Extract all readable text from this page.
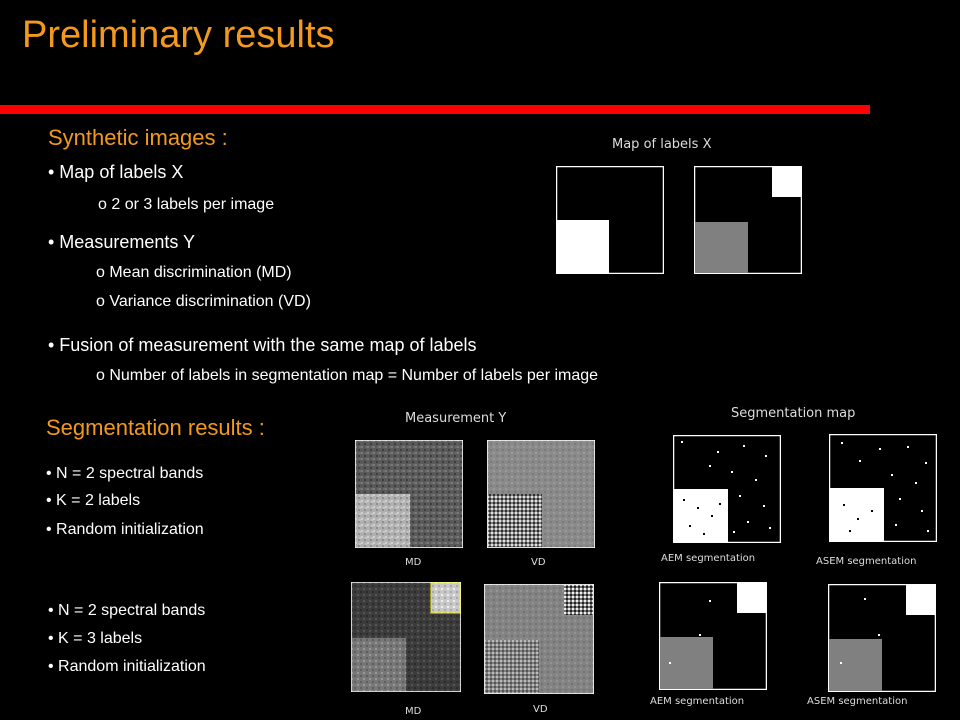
Preliminary results
Synthetic images :
• Map of labels X
o 2 or 3 labels per image
• Measurements Y
o Mean discrimination (MD)
o Variance discrimination (VD)
• Fusion of measurement with the same map of labels
o Number of labels in segmentation map = Number of labels per image
Map of labels X
Segmentation results :
• N = 2 spectral bands
• K = 2 labels
• Random initialization
• N = 2 spectral bands
• K = 3 labels
• Random initialization
Measurement Y
MD	VD
MD	VD
Segmentation map
AEM segmentation	ASEM segmentation
AEM segmentation	ASEM segmentation
